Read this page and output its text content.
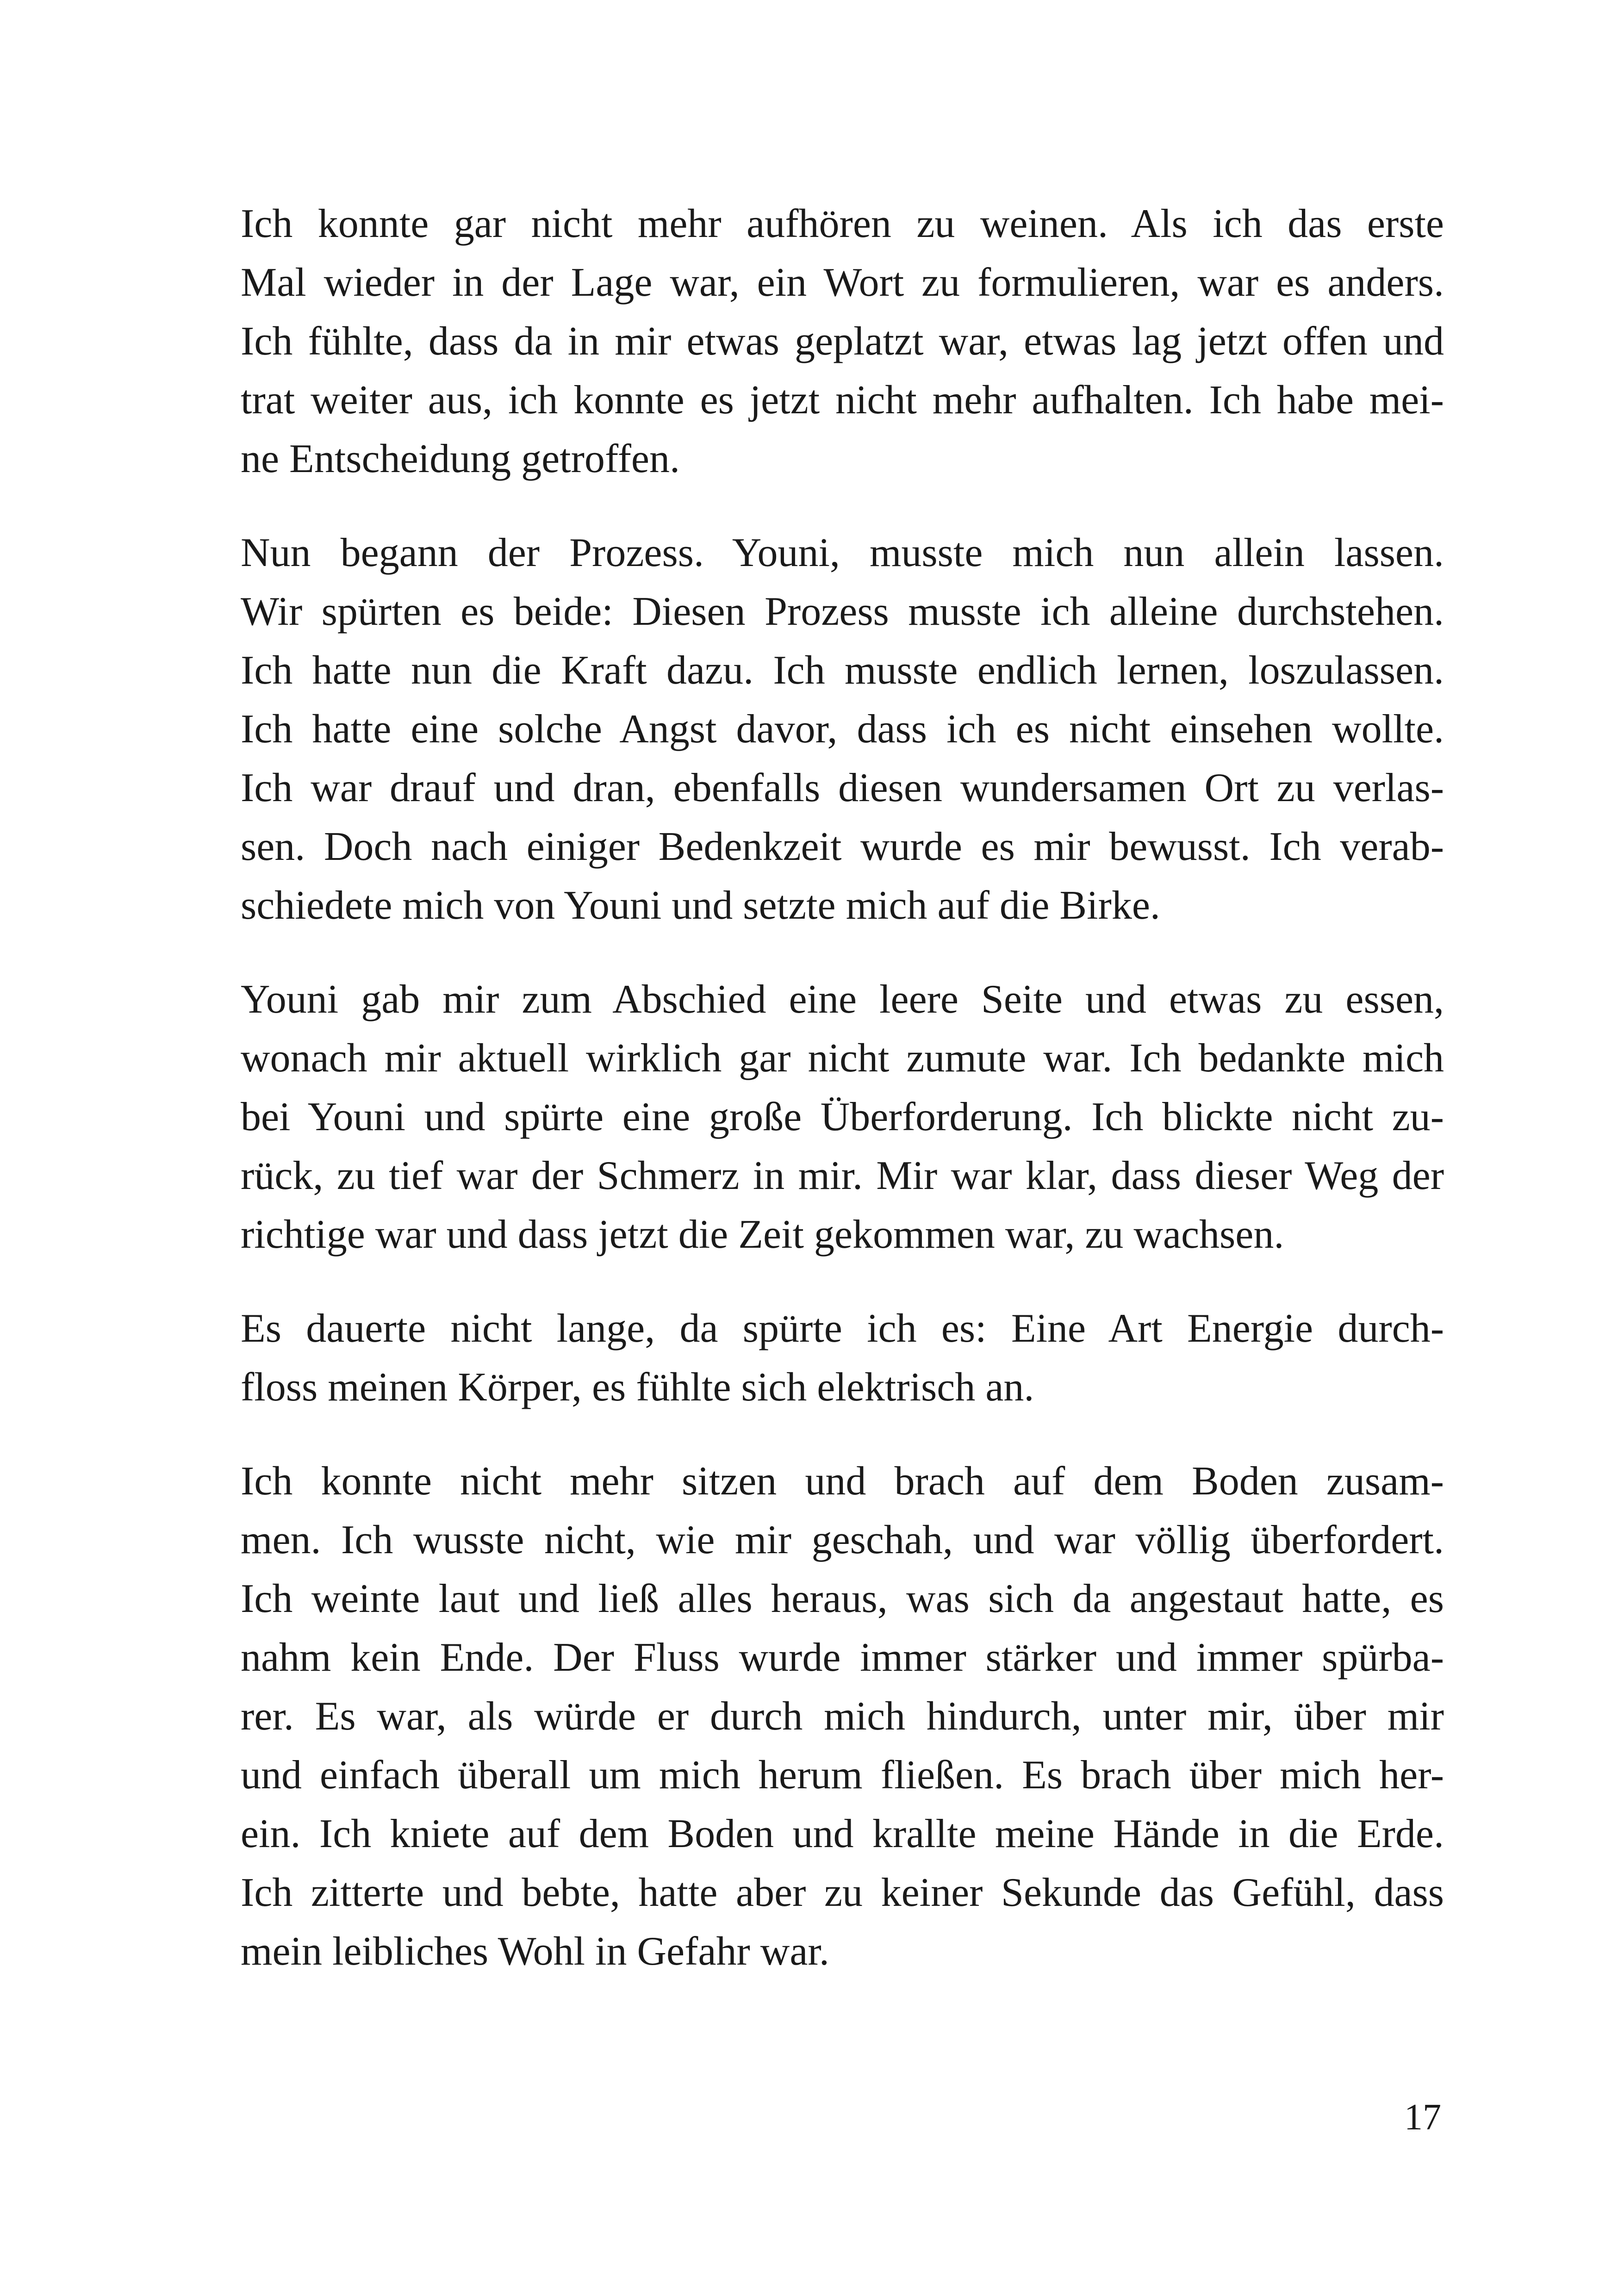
Ich konnte gar nicht mehr aufhören zu weinen. Als ich das erste
Mal wieder in der Lage war, ein Wort zu formulieren, war es anders.
Ich fühlte, dass da in mir etwas geplatzt war, etwas lag jetzt offen und
trat weiter aus, ich konnte es jetzt nicht mehr aufhalten. Ich habe mei-
ne Entscheidung getroffen.

Nun begann der Prozess. Youni, musste mich nun allein lassen.
Wir spürten es beide: Diesen Prozess musste ich alleine durchstehen.
Ich hatte nun die Kraft dazu. Ich musste endlich lernen, loszulassen.
Ich hatte eine solche Angst davor, dass ich es nicht einsehen wollte.
Ich war drauf und dran, ebenfalls diesen wundersamen Ort zu verlas-
sen. Doch nach einiger Bedenkzeit wurde es mir bewusst. Ich verab-
schiedete mich von Youni und setzte mich auf die Birke.

Youni gab mir zum Abschied eine leere Seite und etwas zu essen,
wonach mir aktuell wirklich gar nicht zumute war. Ich bedankte mich
bei Youni und spürte eine große Überforderung. Ich blickte nicht zu-
rück, zu tief war der Schmerz in mir. Mir war klar, dass dieser Weg der
richtige war und dass jetzt die Zeit gekommen war, zu wachsen.

Es dauerte nicht lange, da spürte ich es: Eine Art Energie durch-
floss meinen Körper, es fühlte sich elektrisch an.

Ich konnte nicht mehr sitzen und brach auf dem Boden zusam-
men. Ich wusste nicht, wie mir geschah, und war völlig überfordert.
Ich weinte laut und ließ alles heraus, was sich da angestaut hatte, es
nahm kein Ende. Der Fluss wurde immer stärker und immer spürba-
rer. Es war, als würde er durch mich hindurch, unter mir, über mir
und einfach überall um mich herum fließen. Es brach über mich her-
ein. Ich kniete auf dem Boden und krallte meine Hände in die Erde.
Ich zitterte und bebte, hatte aber zu keiner Sekunde das Gefühl, dass
mein leibliches Wohl in Gefahr war.

17
